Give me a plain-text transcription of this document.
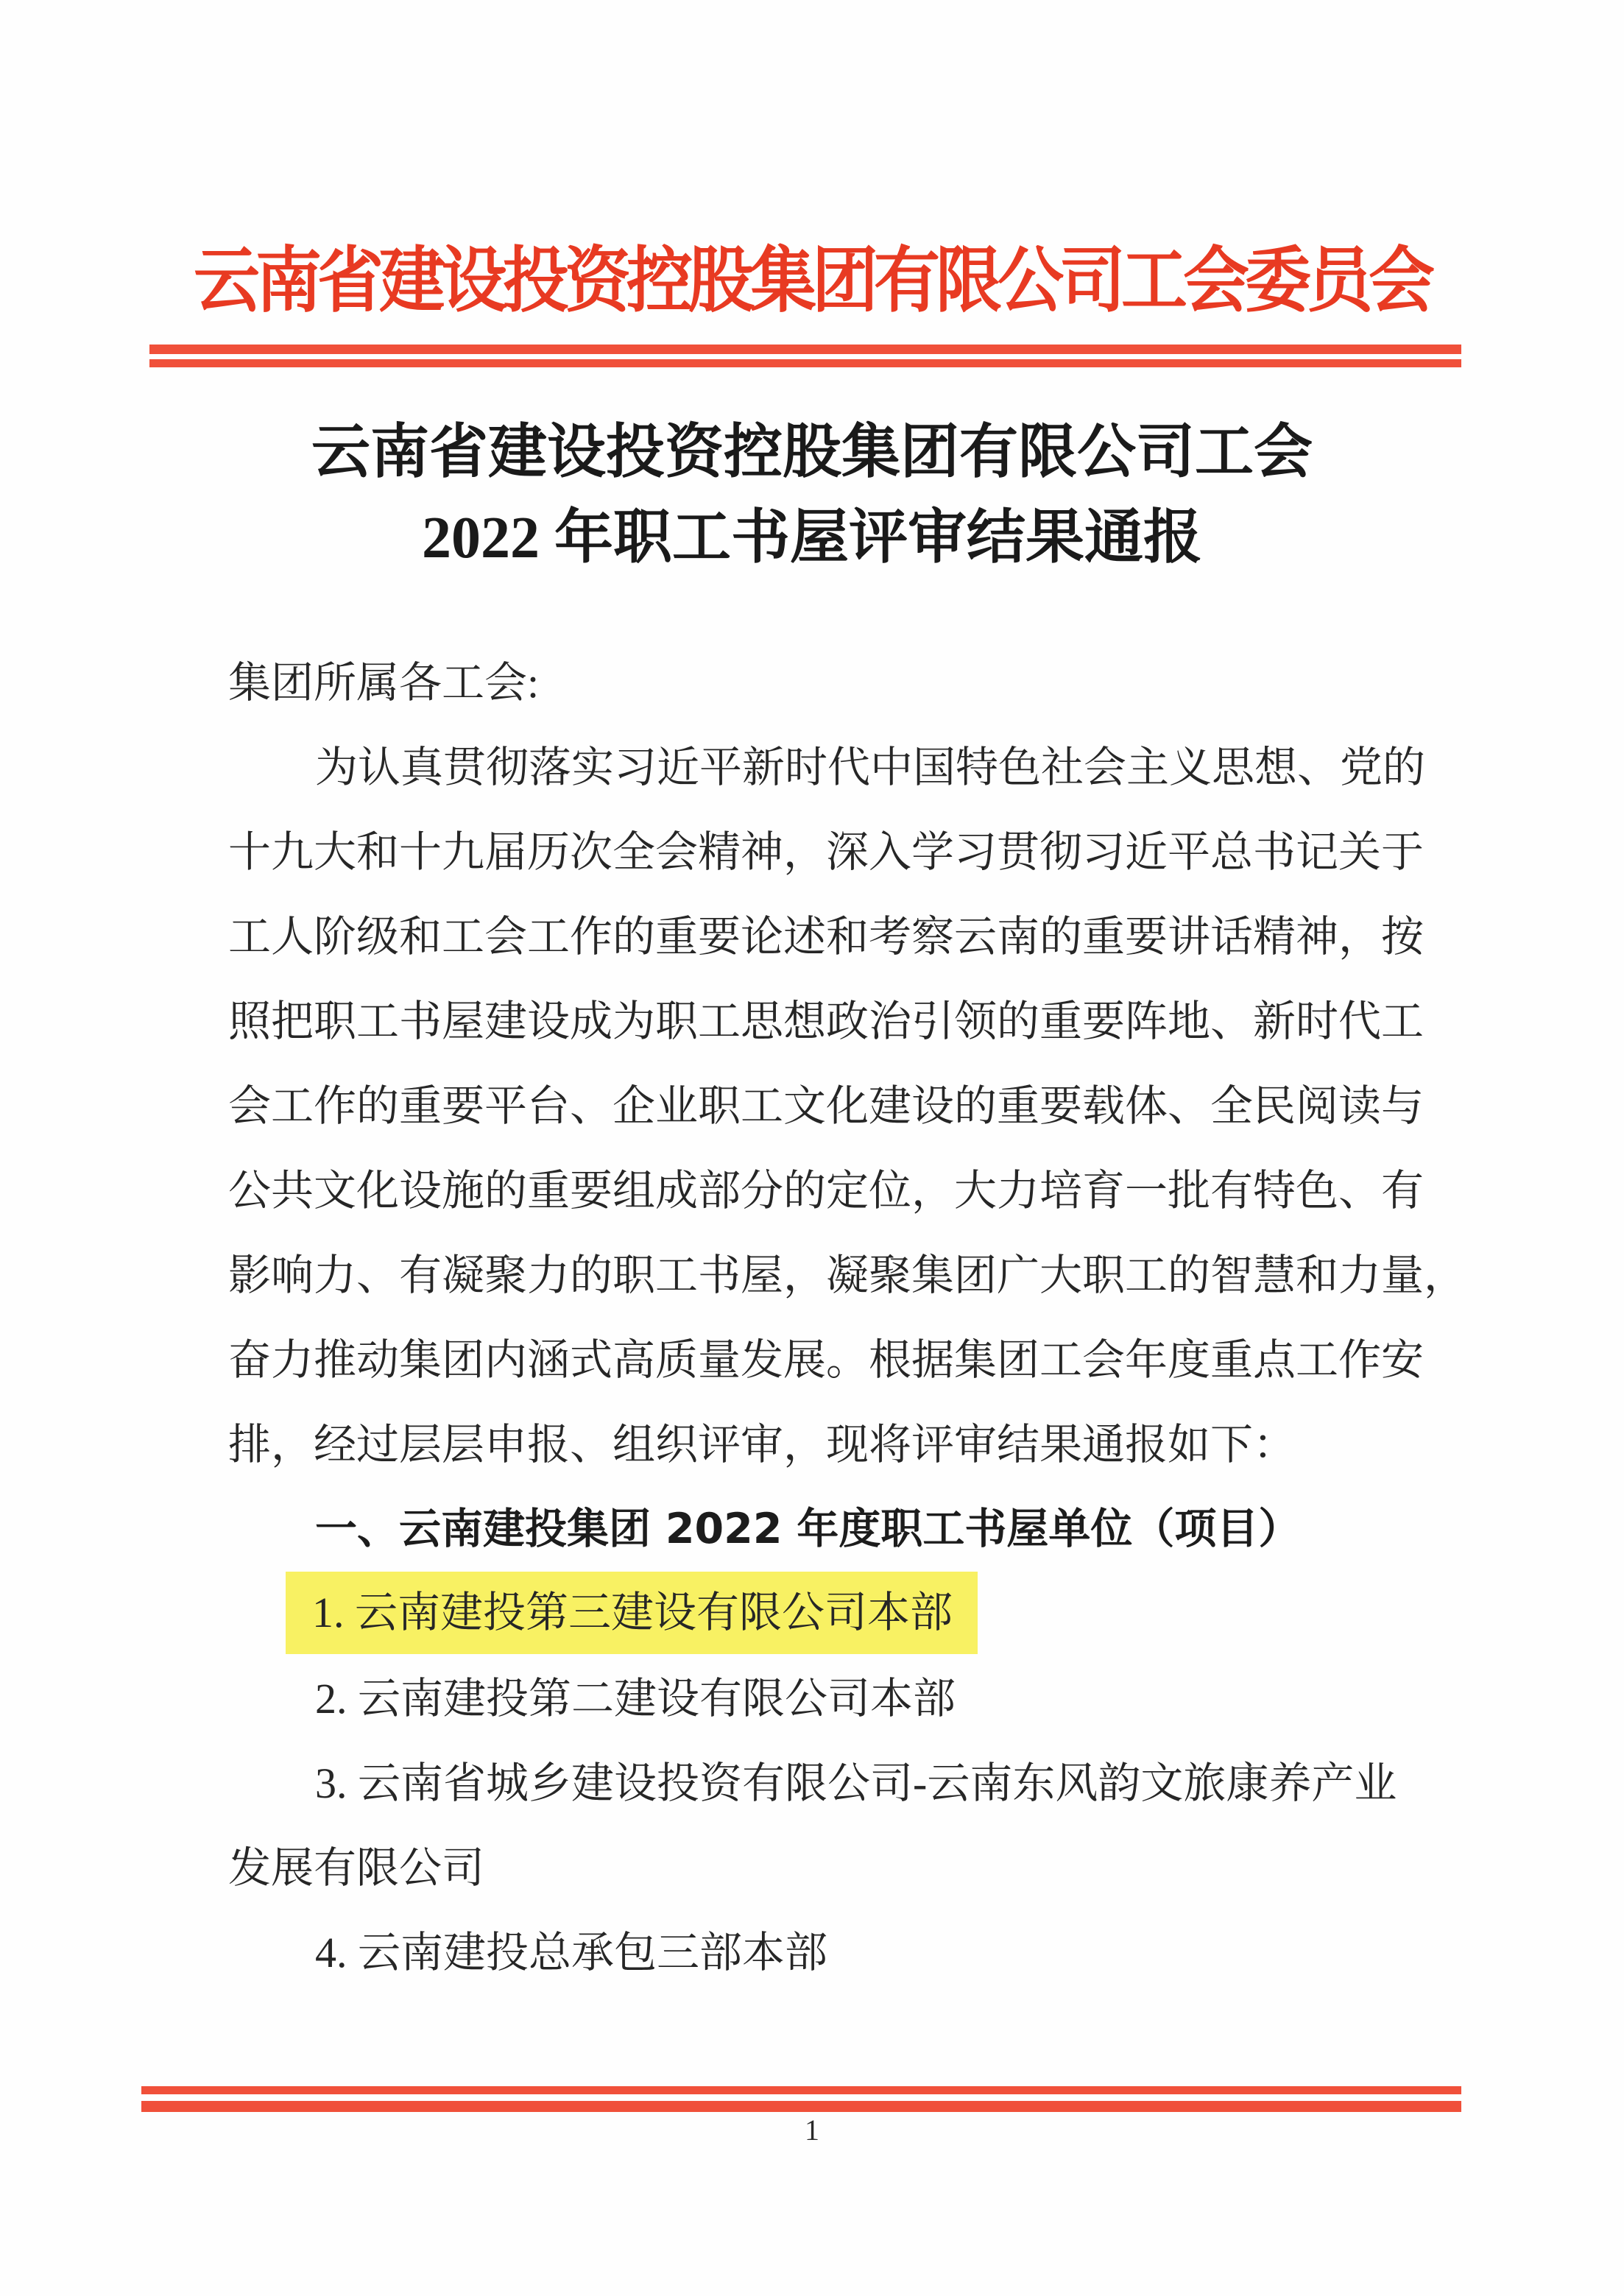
云南省建设投资控股集团有限公司工会委员会
云南省建设投资控股集团有限公司工会
2022 年职工书屋评审结果通报
集团所属各工会:
为认真贯彻落实习近平新时代中国特色社会主义思想、党的
十九大和十九届历次全会精神，深入学习贯彻习近平总书记关于
工人阶级和工会工作的重要论述和考察云南的重要讲话精神，按
照把职工书屋建设成为职工思想政治引领的重要阵地、新时代工
会工作的重要平台、企业职工文化建设的重要载体、全民阅读与
公共文化设施的重要组成部分的定位，大力培育一批有特色、有
影响力、有凝聚力的职工书屋，凝聚集团广大职工的智慧和力量，
奋力推动集团内涵式高质量发展。根据集团工会年度重点工作安
排，经过层层申报、组织评审，现将评审结果通报如下：
一、云南建投集团 2022 年度职工书屋单位（项目）
1. 云南建投第三建设有限公司本部
2. 云南建投第二建设有限公司本部
3. 云南省城乡建设投资有限公司-云南东风韵文旅康养产业
发展有限公司
4. 云南建投总承包三部本部
1
